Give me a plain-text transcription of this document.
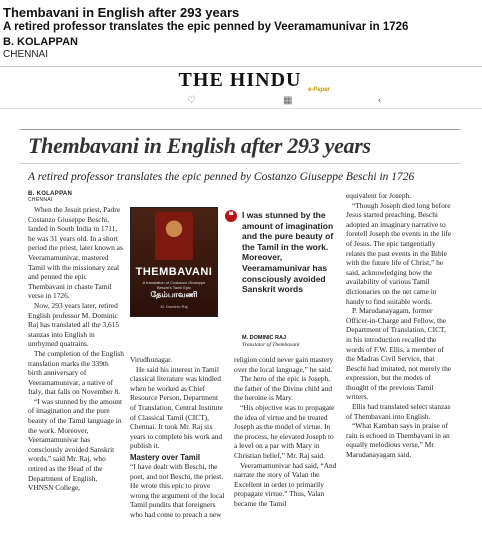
Thembavani in English after 293 years
A retired professor translates the epic penned by Veeramamunivar in 1726
B. KOLAPPAN
CHENNAI
THE HINDU e-Paper
♡	▦	‹
Thembavani in English after 293 years
A retired professor translates the epic penned by Costanzo Giuseppe Beschi in 1726
B. KOLAPPAN
CHENNAI

When the Jesuit priest, Padre Costanzo Giuseppe Beschi, landed in South India in 1711, he was 31 years old. In a short period the priest, later known as Veeramamunivar, mastered Tamil with the missionary zeal and penned the epic Thembavani in chaste Tamil verse in 1726.

Now, 293 years later, retired English professor M. Dominic Raj has translated all the 3,615 stanzas into English in unrhymed quatrains.

The completion of the English translation marks the 339th birth anniversary of Veeramamunivar, a native of Italy, that falls on November 8.

“I was stunned by the amount of imagination and the pure beauty of the Tamil language in the work. Moreover, Veeramamunivar has consciously avoided Sanskrit words,” said Mr. Raj, who retired as the Head of the Department of English, VHNSN College,

THEMBAVANI
A translation of Costanzo Giuseppe Beschi's Tamil Epic
தேம்பாவணி
M. Dominic Raj
❝ I was stunned by the amount of imagination and the pure beauty of the Tamil in the work. Moreover, Veeramamunivar has consciously avoided Sanskrit words
M. DOMINIC RAJ
Translator of Thembavani

Virudhunagar.

He said his interest in Tamil classical literature was kindled when he worked as Chief Resource Person, Department of Translation, Central Institute of Classical Tamil (CICT), Chennai. It took Mr. Raj six years to complete his work and publish it.

Mastery over Tamil

“I have dealt with Beschi, the poet, and not Beschi, the priest. He wrote this epic to prove wrong the argument of the local Tamil pundits that foreigners who had come to preach a new

religion could never gain mastery over the local language,” he said.

The hero of the epic is Joseph, the father of the Divine child and the heroine is Mary.

“His objective was to propagate the idea of virtue and he treated Joseph as the model of virtue. In the process, he elevated Joseph to a level on a par with Mary in Christian belief,” Mr. Raj said.

Veeramamunivar had said, “And narrate the story of Valan the Excellent in order to primarily propagate virtue.” Thus, Valan became the Tamil

equivalent for Joseph.

“Though Joseph died long before Jesus started preaching, Beschi adopted an imaginary narrative to foretell Joseph the events in the life of Jesus. The epic tangentially relates the past events in the Bible with the future life of Christ,” he said, acknowledging how the availability of various Tamil dictionaries on the net came in handy to find suitable words.

P. Marudanayagam, former Officer-in-Charge and Fellow, the Department of Translation, CICT, in his introduction recalled the words of F.W. Ellis, a member of the Madras Civil Service, that Beschi had imitated, not merely the expression, but the modes of thought of the previous Tamil writers.

Ellis had translated select stanzas of Thembavani into English.

“What Kamban says in praise of rain is echoed in Thembavani in an equally melodious verse,” Mr Marudanayagam said.
